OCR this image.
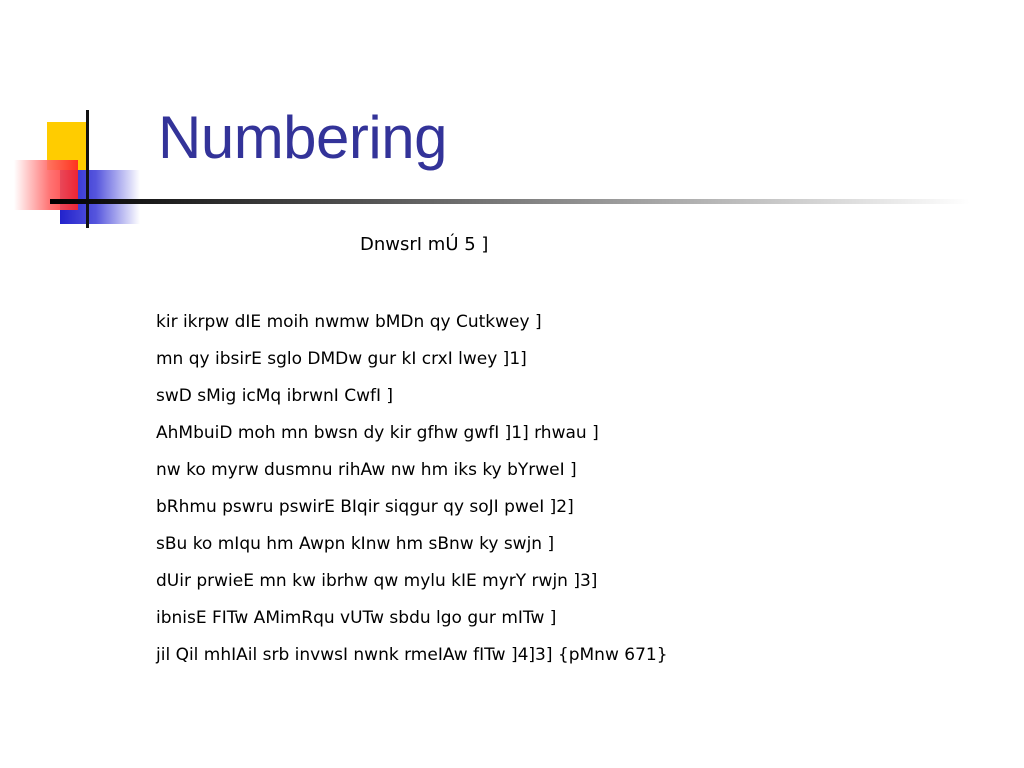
Numbering
DnwsrI mÚ 5 ]
kir ikrpw dIE moih nwmw bMDn qy Cutkwey ]
mn qy ibsirE sglo DMDw gur kI crxI lwey ]1]
swD sMig icMq ibrwnI CwfI ]
AhMbuiD moh mn bwsn dy kir gfhw gwfI ]1] rhwau ]
nw ko myrw dusmnu rihAw nw hm iks ky bYrweI ]
bRhmu pswru pswirE BIqir siqgur qy soJI pweI ]2]
sBu ko mIqu hm Awpn kInw hm sBnw ky swjn ]
dUir prwieE mn kw ibrhw qw mylu kIE myrY rwjn ]3]
ibnisE FITw AMimRqu vUTw sbdu lgo gur mITw ]
jil Qil mhIAil srb invwsI nwnk rmeIAw fITw ]4]3] {pMnw 671}
